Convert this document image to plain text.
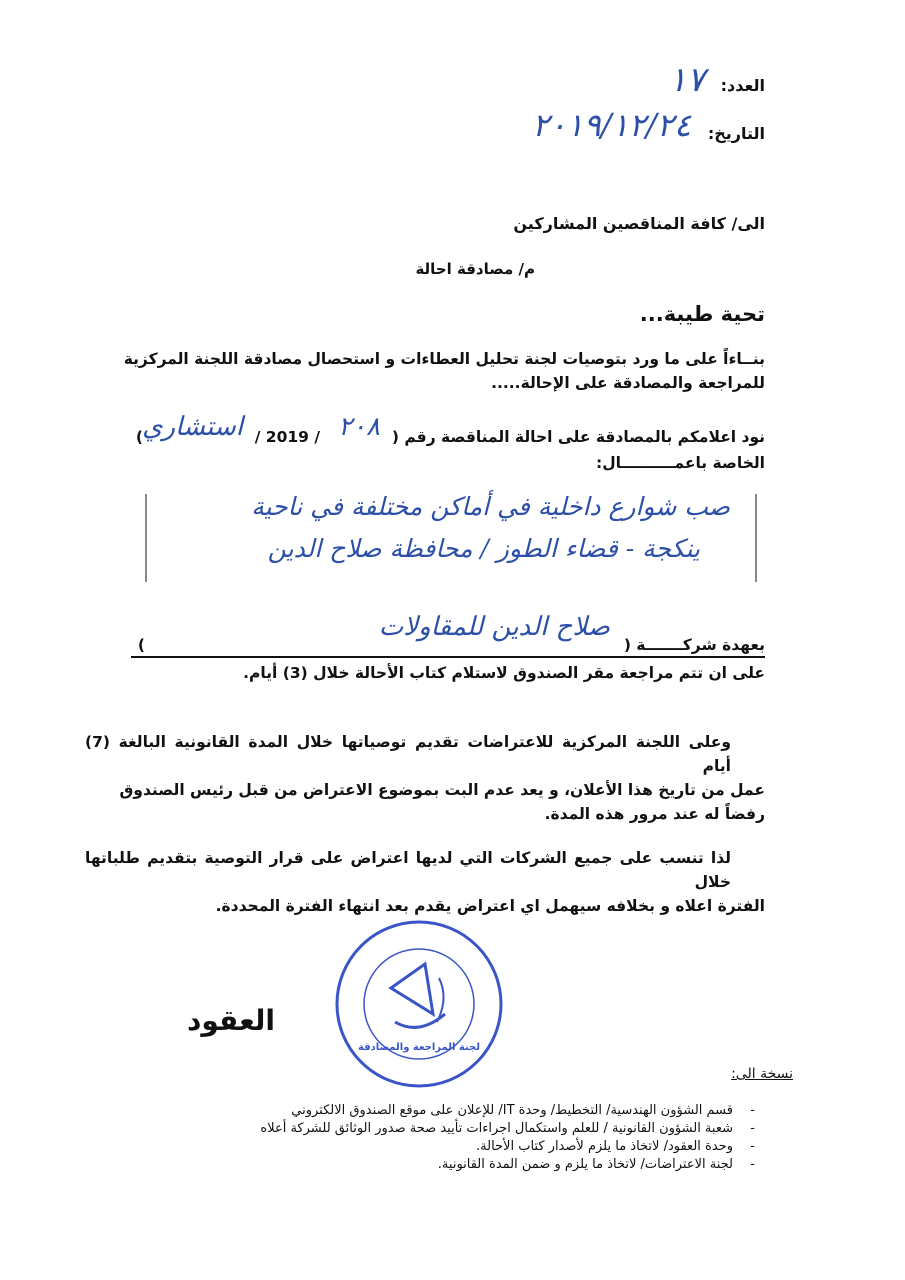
العدد:
١٧
التاريخ:
٢٠١٩/١٢/٢٤
الى/ كافة المناقصين المشاركين
م/ مصادقة احالة
تحية طيبة...
بنــاءاً على ما ورد بتوصيات لجنة تحليل العطاءات و استحصال مصادقة اللجنة المركزية
للمراجعة والمصادقة على الإحالة.....
نود اعلامكم بالمصادقة على احالة المناقصة رقم (
٢٠٨
/ 2019 /
استشاري
)
الخاصة باعمــــــــــال:
صب شوارع داخلية في أماكن مختلفة في ناحية
ينكجة - قضاء الطوز / محافظة صلاح الدين
بعهدة شركـــــــة (
صلاح الدين للمقاولات
)
على ان تتم مراجعة مقر الصندوق لاستلام كتاب الأحالة خلال (3) أيام.
وعلى اللجنة المركزية للاعتراضات تقديم توصياتها خلال المدة القانونية البالغة (7) أيام
عمل من تاريخ هذا الأعلان، و يعد عدم البت بموضوع الاعتراض من قبل رئيس الصندوق
رفضاً له عند مرور هذه المدة.
لذا تنسب على جميع الشركات التي لديها اعتراض على قرار التوصية بتقديم طلباتها خلال
الفترة اعلاه و بخلافه سيهمل اي اعتراض يقدم بعد انتهاء الفترة المحددة.
لجنة المراجعة والمصادقة
العقود
نسخة الى:
- قسم الشؤون الهندسية/ التخطيط/ وحدة IT/ للإعلان على موقع الصندوق الالكتروني
- شعبة الشؤون القانونية / للعلم واستكمال اجراءات تأييد صحة صدور الوثائق للشركة أعلاه
- وحدة العقود/ لاتخاذ ما يلزم لأصدار كتاب الأحالة.
- لجنة الاعتراضات/ لاتخاذ ما يلزم و ضمن المدة القانونية.
